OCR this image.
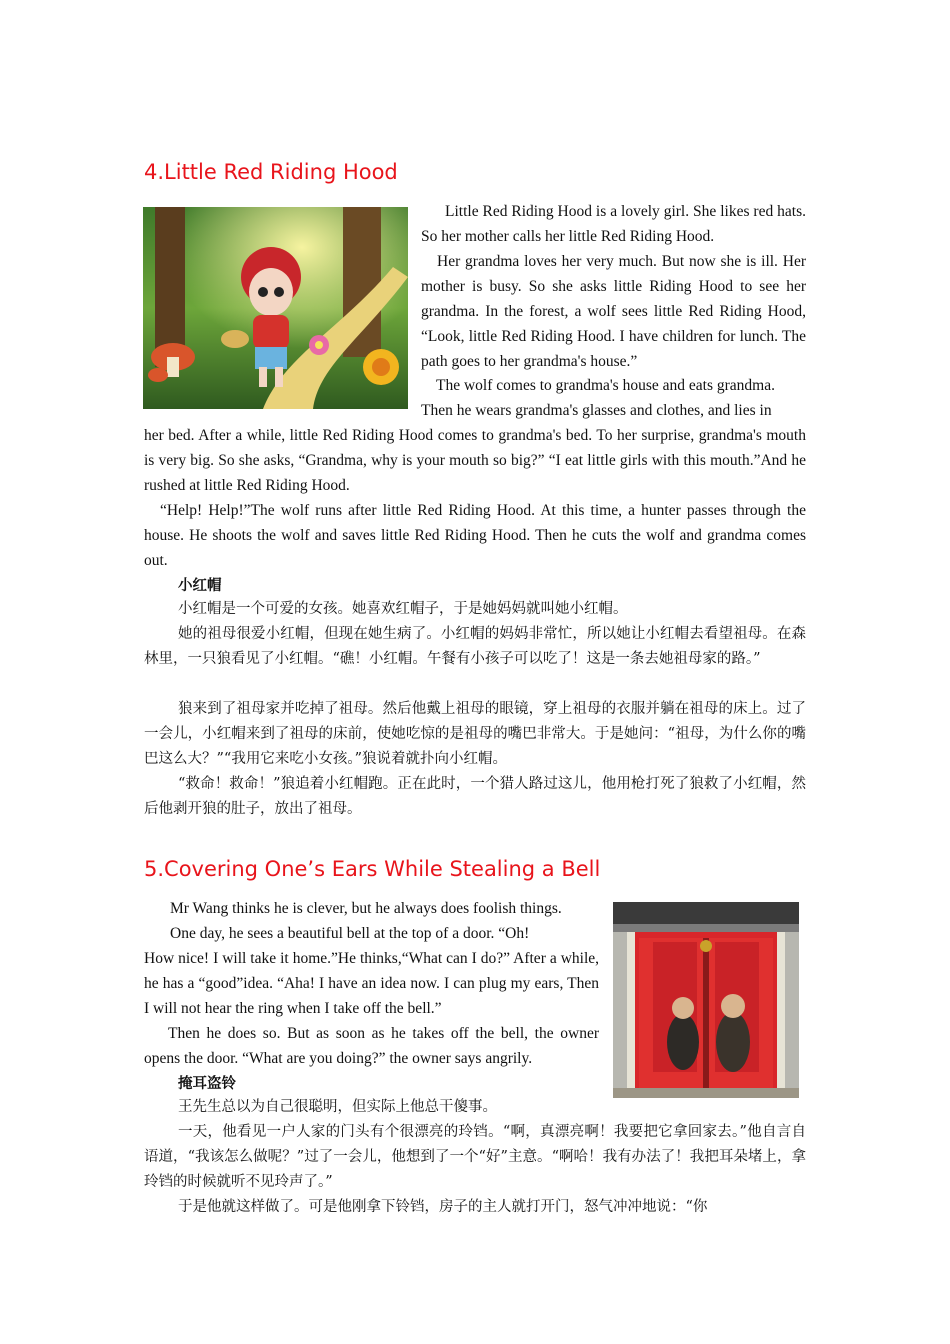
4.Little Red Riding Hood

Little Red Riding Hood is a lovely girl. She likes red hats. So her mother calls her little Red Riding Hood.

Her grandma loves her very much. But now she is ill. Her mother is busy. So she asks little Riding Hood to see her grandma. In the forest, a wolf sees little Red Riding Hood, “Look, little Red Riding Hood. I have children for lunch. The path goes to her grandma's house.”

The wolf comes to grandma's house and eats grandma.

Then he wears grandma's glasses and clothes, and lies in

her bed. After a while, little Red Riding Hood comes to grandma's bed. To her surprise, grandma's mouth is very big. So she asks, “Grandma, why is your mouth so big?” “I eat little girls with this mouth.”And he rushed at little Red Riding Hood.

“Help! Help!”The wolf runs after little Red Riding Hood. At this time, a hunter passes through the house. He shoots the wolf and saves little Red Riding Hood. Then he cuts the wolf and grandma comes out.

小红帽

小红帽是一个可爱的女孩。她喜欢红帽子，于是她妈妈就叫她小红帽。

她的祖母很爱小红帽，但现在她生病了。小红帽的妈妈非常忙，所以她让小红帽去看望祖母。在森林里，一只狼看见了小红帽。“礁！小红帽。午餐有小孩子可以吃了！这是一条去她祖母家的路。”

狼来到了祖母家并吃掉了祖母。然后他戴上祖母的眼镜，穿上祖母的衣服并躺在祖母的床上。过了一会儿，小红帽来到了祖母的床前，使她吃惊的是祖母的嘴巴非常大。于是她问：“祖母，为什么你的嘴巴这么大？”“我用它来吃小女孩。”狼说着就扑向小红帽。

“救命！救命！”狼追着小红帽跑。正在此时，一个猎人路过这儿，他用枪打死了狼救了小红帽，然后他剥开狼的肚子，放出了祖母。

5.Covering One’s Ears While Stealing a Bell

Mr Wang thinks he is clever, but he always does foolish things.

One day, he sees a beautiful bell at the top of a door. “Oh!

How nice! I will take it home.”He thinks,“What can I do?” After a while, he has a “good”idea. “Aha! I have an idea now. I can plug my ears, Then I will not hear the ring when I take off the bell.”

Then he does so. But as soon as he takes off the bell, the owner opens the door. “What are you doing?” the owner says angrily.

掩耳盗铃

王先生总以为自己很聪明，但实际上他总干傻事。

一天，他看见一户人家的门头有个很漂亮的玲铛。“啊，真漂亮啊！我要把它拿回家去。”他自言自语道，“我该怎么做呢？”过了一会儿，他想到了一个“好”主意。“啊哈！我有办法了！我把耳朵堵上，拿玲铛的时候就听不见玲声了。”

于是他就这样做了。可是他刚拿下铃铛，房子的主人就打开门，怒气冲冲地说：“你
